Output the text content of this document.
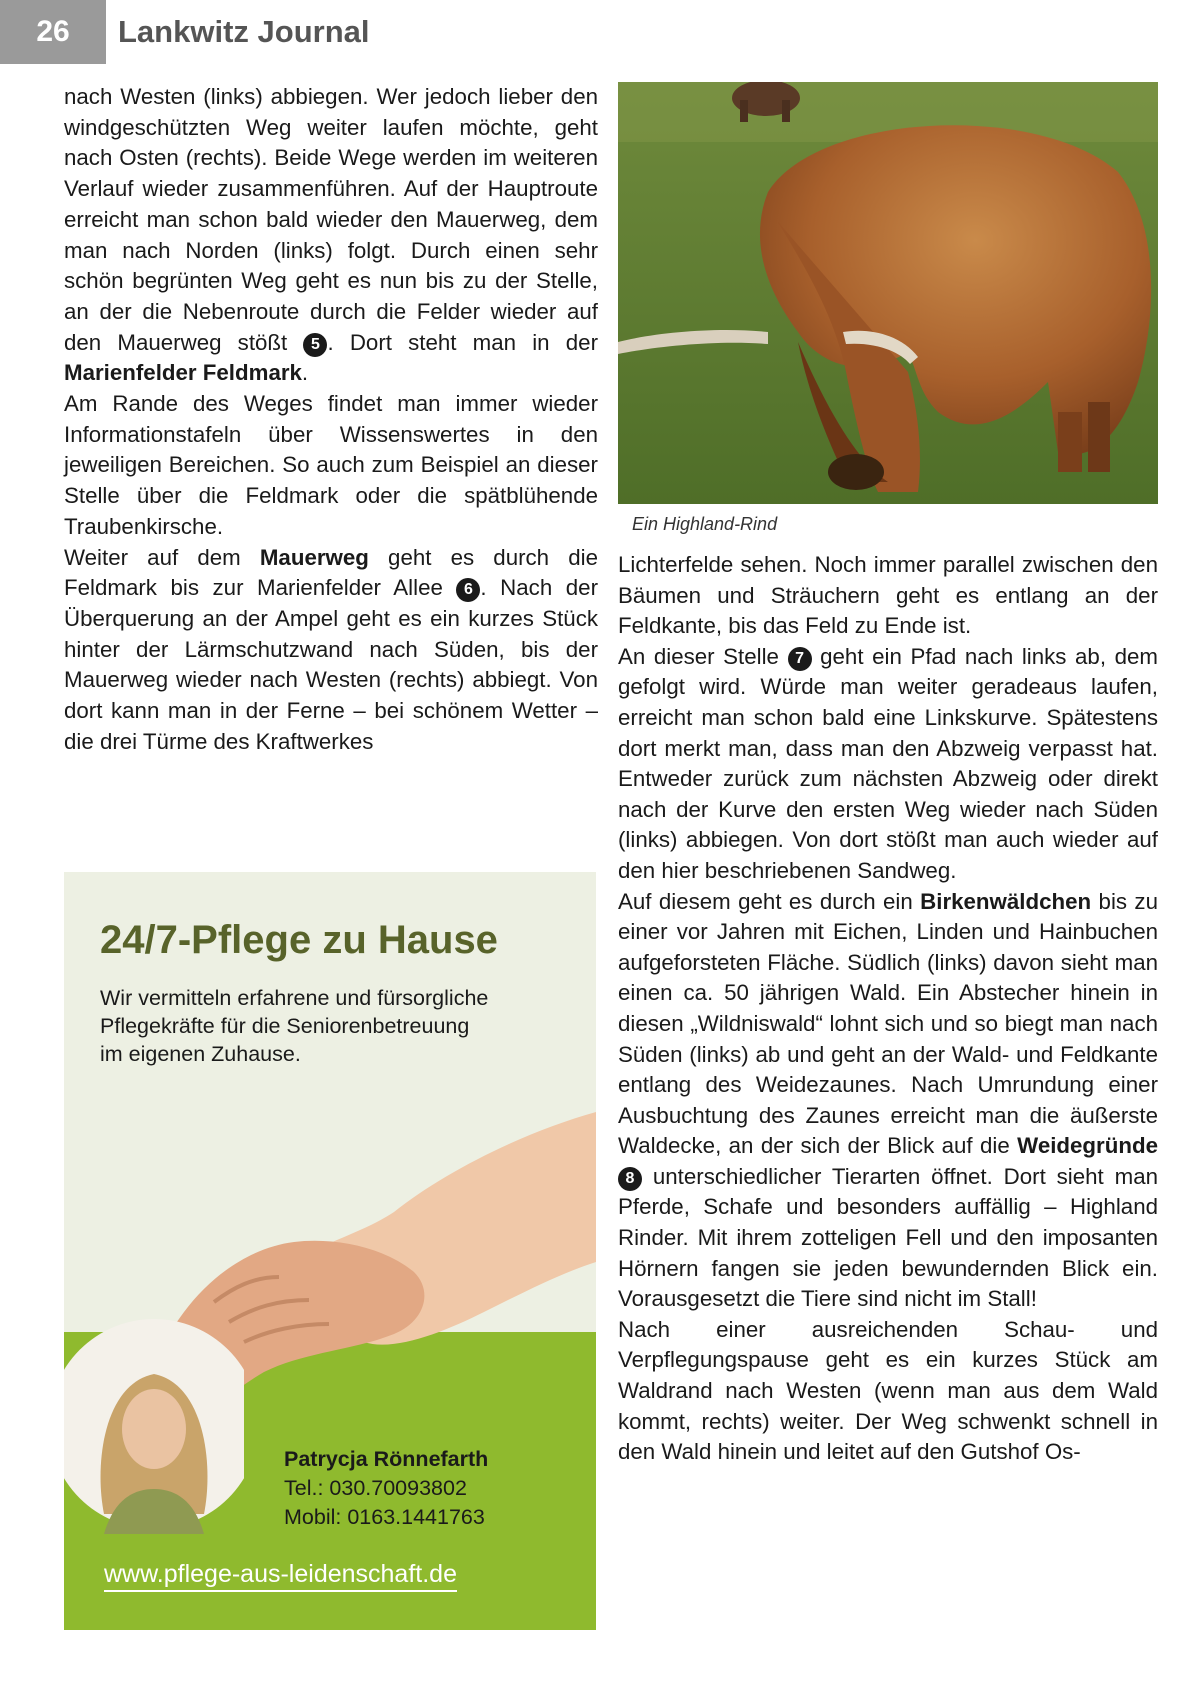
26	Lankwitz Journal

nach Westen (links) abbiegen. Wer jedoch lieber den windgeschützten Weg weiter laufen möchte, geht nach Osten (rechts). Beide Wege werden im weiteren Verlauf wieder zusammenführen. Auf der Hauptroute erreicht man schon bald wieder den Mauerweg, dem man nach Norden (links) folgt. Durch einen sehr schön begrünten Weg geht es nun bis zu der Stelle, an der die Nebenroute durch die Felder wieder auf den Mauerweg stößt 5 . Dort steht man in der Marienfelder Feldmark.

Am Rande des Weges findet man immer wieder Informationstafeln über Wissenswertes in den jeweiligen Bereichen. So auch zum Beispiel an dieser Stelle über die Feldmark oder die spätblühende Traubenkirsche.

Weiter auf dem Mauerweg geht es durch die Feldmark bis zur Marienfelder Allee 6 . Nach der Überquerung an der Ampel geht es ein kurzes Stück hinter der Lärmschutzwand nach Süden, bis der Mauerweg wieder nach Westen (rechts) abbiegt. Von dort kann man in der Ferne – bei schönem Wetter – die drei Türme des Kraftwerkes

Ein Highland-Rind

Lichterfelde sehen. Noch immer parallel zwischen den Bäumen und Sträuchern geht es entlang an der Feldkante, bis das Feld zu Ende ist.

An dieser Stelle 7 geht ein Pfad nach links ab, dem gefolgt wird. Würde man weiter geradeaus laufen, erreicht man schon bald eine Linkskurve. Spätestens dort merkt man, dass man den Abzweig verpasst hat. Entweder zurück zum nächsten Abzweig oder direkt nach der Kurve den ersten Weg wieder nach Süden (links) abbiegen. Von dort stößt man auch wieder auf den hier beschriebenen Sandweg.

Auf diesem geht es durch ein Birkenwäldchen bis zu einer vor Jahren mit Eichen, Linden und Hainbuchen aufgeforsteten Fläche. Südlich (links) davon sieht man einen ca. 50 jährigen Wald. Ein Abstecher hinein in diesen „Wildniswald“ lohnt sich und so biegt man nach Süden (links) ab und geht an der Wald- und Feldkante entlang des Weidezaunes. Nach Umrundung einer Ausbuchtung des Zaunes erreicht man die äußerste Waldecke, an der sich der Blick auf die Weidegründe 8 unterschiedlicher Tierarten öffnet. Dort sieht man Pferde, Schafe und besonders auffällig – Highland Rinder. Mit ihrem zotteligen Fell und den imposanten Hörnern fangen sie jeden bewundernden Blick ein. Vorausgesetzt die Tiere sind nicht im Stall!

Nach einer ausreichenden Schau- und Verpflegungspause geht es ein kurzes Stück am Waldrand nach Westen (wenn man aus dem Wald kommt, rechts) weiter. Der Weg schwenkt schnell in den Wald hinein und leitet auf den Gutshof Os-

24/7-Pflege zu Hause

Wir vermitteln erfahrene und fürsorgliche

Pflegekräfte für die Seniorenbetreuung

im eigenen Zuhause.

Patrycja Rönnefarth
Tel.: 030.70093802
Mobil: 0163.1441763
www.pflege-aus-leidenschaft.de
